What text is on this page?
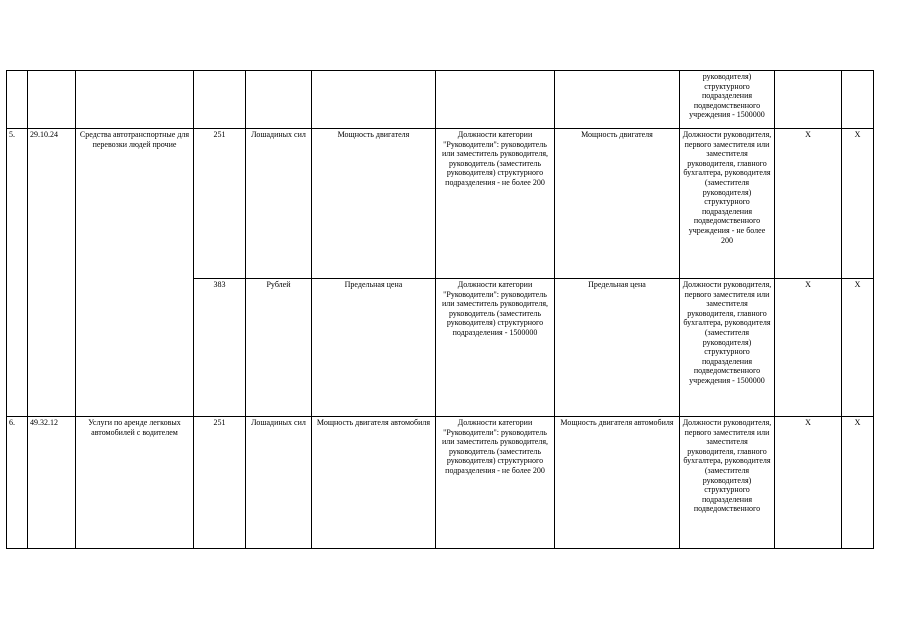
								руководителя) структурного подразделения подведомственного учреждения - 1500000		
5.	29.10.24	Средства автотранспортные для перевозки людей прочие	251	Лошадиных сил	Мощность двигателя	Должности категории "Руководители": руководитель или заместитель руководителя, руководитель (заместитель руководителя) структурного подразделения - не более 200	Мощность двигателя	Должности руководителя, первого заместителя или заместителя руководителя, главного бухгалтера, руководителя (заместителя руководителя) структурного подразделения подведомственного учреждения - не более 200	X	X
			383	Рублей	Предельная цена	Должности категории "Руководители": руководитель или заместитель руководителя, руководитель (заместитель руководителя) структурного подразделения - 1500000	Предельная цена	Должности руководителя, первого заместителя или заместителя руководителя, главного бухгалтера, руководителя (заместителя руководителя) структурного подразделения подведомственного учреждения - 1500000	X	X
6.	49.32.12	Услуги по аренде легковых автомобилей с водителем	251	Лошадиных сил	Мощность двигателя автомобиля	Должности категории "Руководители": руководитель или заместитель руководителя, руководитель (заместитель руководителя) структурного подразделения - не более 200	Мощность двигателя автомобиля	Должности руководителя, первого заместителя или заместителя руководителя, главного бухгалтера, руководителя (заместителя руководителя) структурного подразделения подведомственного	X	X
